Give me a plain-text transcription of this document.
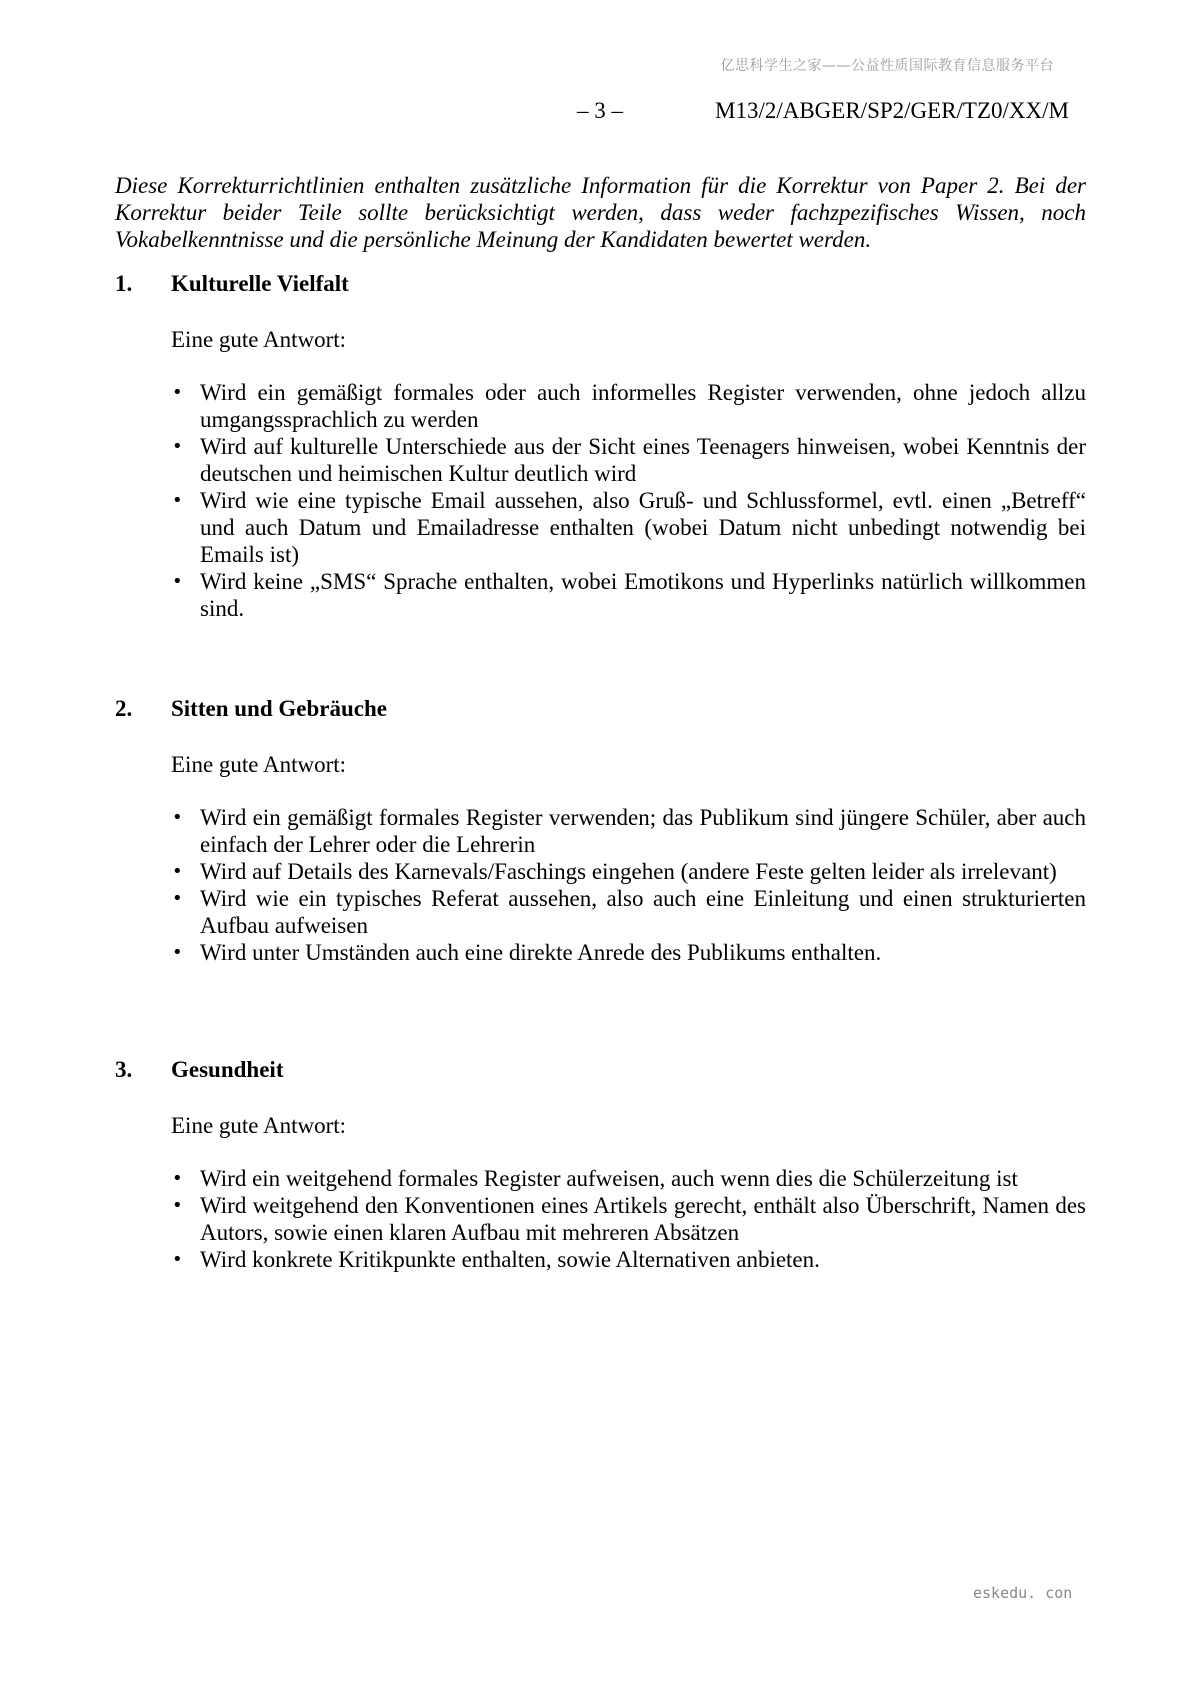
亿思科学生之家——公益性质国际教育信息服务平台
– 3 –	M13/2/ABGER/SP2/GER/TZ0/XX/M

Diese Korrekturrichtlinien enthalten zusätzliche Information für die Korrektur von Paper 2. Bei der Korrektur beider Teile sollte berücksichtigt werden, dass weder fachzpezifisches Wissen, noch Vokabelkenntnisse und die persönliche Meinung der Kandidaten bewertet werden.

1. Kulturelle Vielfalt
Eine gute Antwort:
• Wird ein gemäßigt formales oder auch informelles Register verwenden, ohne jedoch allzu umgangssprachlich zu werden
• Wird auf kulturelle Unterschiede aus der Sicht eines Teenagers hinweisen, wobei Kenntnis der deutschen und heimischen Kultur deutlich wird
• Wird wie eine typische Email aussehen, also Gruß- und Schlussformel, evtl. einen „Betreff“ und auch Datum und Emailadresse enthalten (wobei Datum nicht unbedingt notwendig bei Emails ist)
• Wird keine „SMS“ Sprache enthalten, wobei Emotikons und Hyperlinks natürlich willkommen sind.
2. Sitten und Gebräuche
Eine gute Antwort:
• Wird ein gemäßigt formales Register verwenden; das Publikum sind jüngere Schüler, aber auch einfach der Lehrer oder die Lehrerin
• Wird auf Details des Karnevals/Faschings eingehen (andere Feste gelten leider als irrelevant)
• Wird wie ein typisches Referat aussehen, also auch eine Einleitung und einen strukturierten Aufbau aufweisen
• Wird unter Umständen auch eine direkte Anrede des Publikums enthalten.
3. Gesundheit
Eine gute Antwort:
• Wird ein weitgehend formales Register aufweisen, auch wenn dies die Schülerzeitung ist
• Wird weitgehend den Konventionen eines Artikels gerecht, enthält also Überschrift, Namen des Autors, sowie einen klaren Aufbau mit mehreren Absätzen
• Wird konkrete Kritikpunkte enthalten, sowie Alternativen anbieten.
eskedu. con
